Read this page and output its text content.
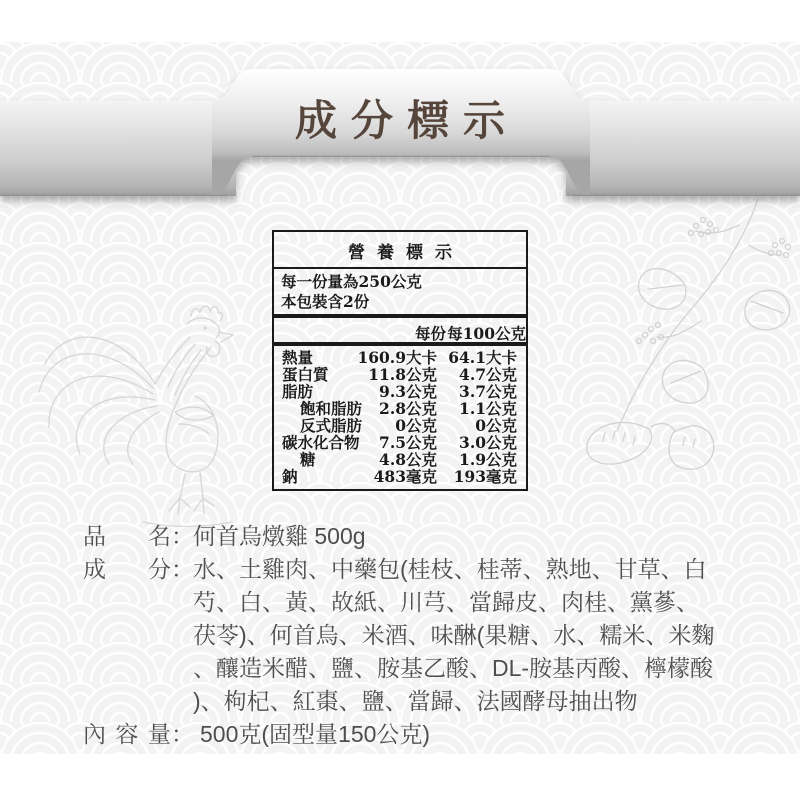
成分標示
營養標示
每一份量為250公克
本包裝含2份
每份 每100公克
熱量	160.9大卡 64.1大卡
蛋白質	11.8公克 4.7公克
脂肪	9.3公克 3.7公克
飽和脂肪 2.8公克 1.1公克
反式脂肪 0公克 0公克
碳水化合物 7.5公克 3.0公克
糖	4.8公克 1.9公克
鈉	483毫克 193毫克
品 名 ： 何首烏燉雞 500g
成 分 ： 水、土雞肉、中藥包(桂枝、桂蒂、熟地、甘草、白
芍、白、黃、故紙、川芎、當歸皮、肉桂、黨蔘、
茯苓)、何首烏、米酒、味醂(果糖、水、糯米、米麴
、釀造米醋、鹽、胺基乙酸、DL-胺基丙酸、檸檬酸
)、枸杞、紅棗、鹽、當歸、法國酵母抽出物
內 容 量 ： 500克(固型量150公克)
